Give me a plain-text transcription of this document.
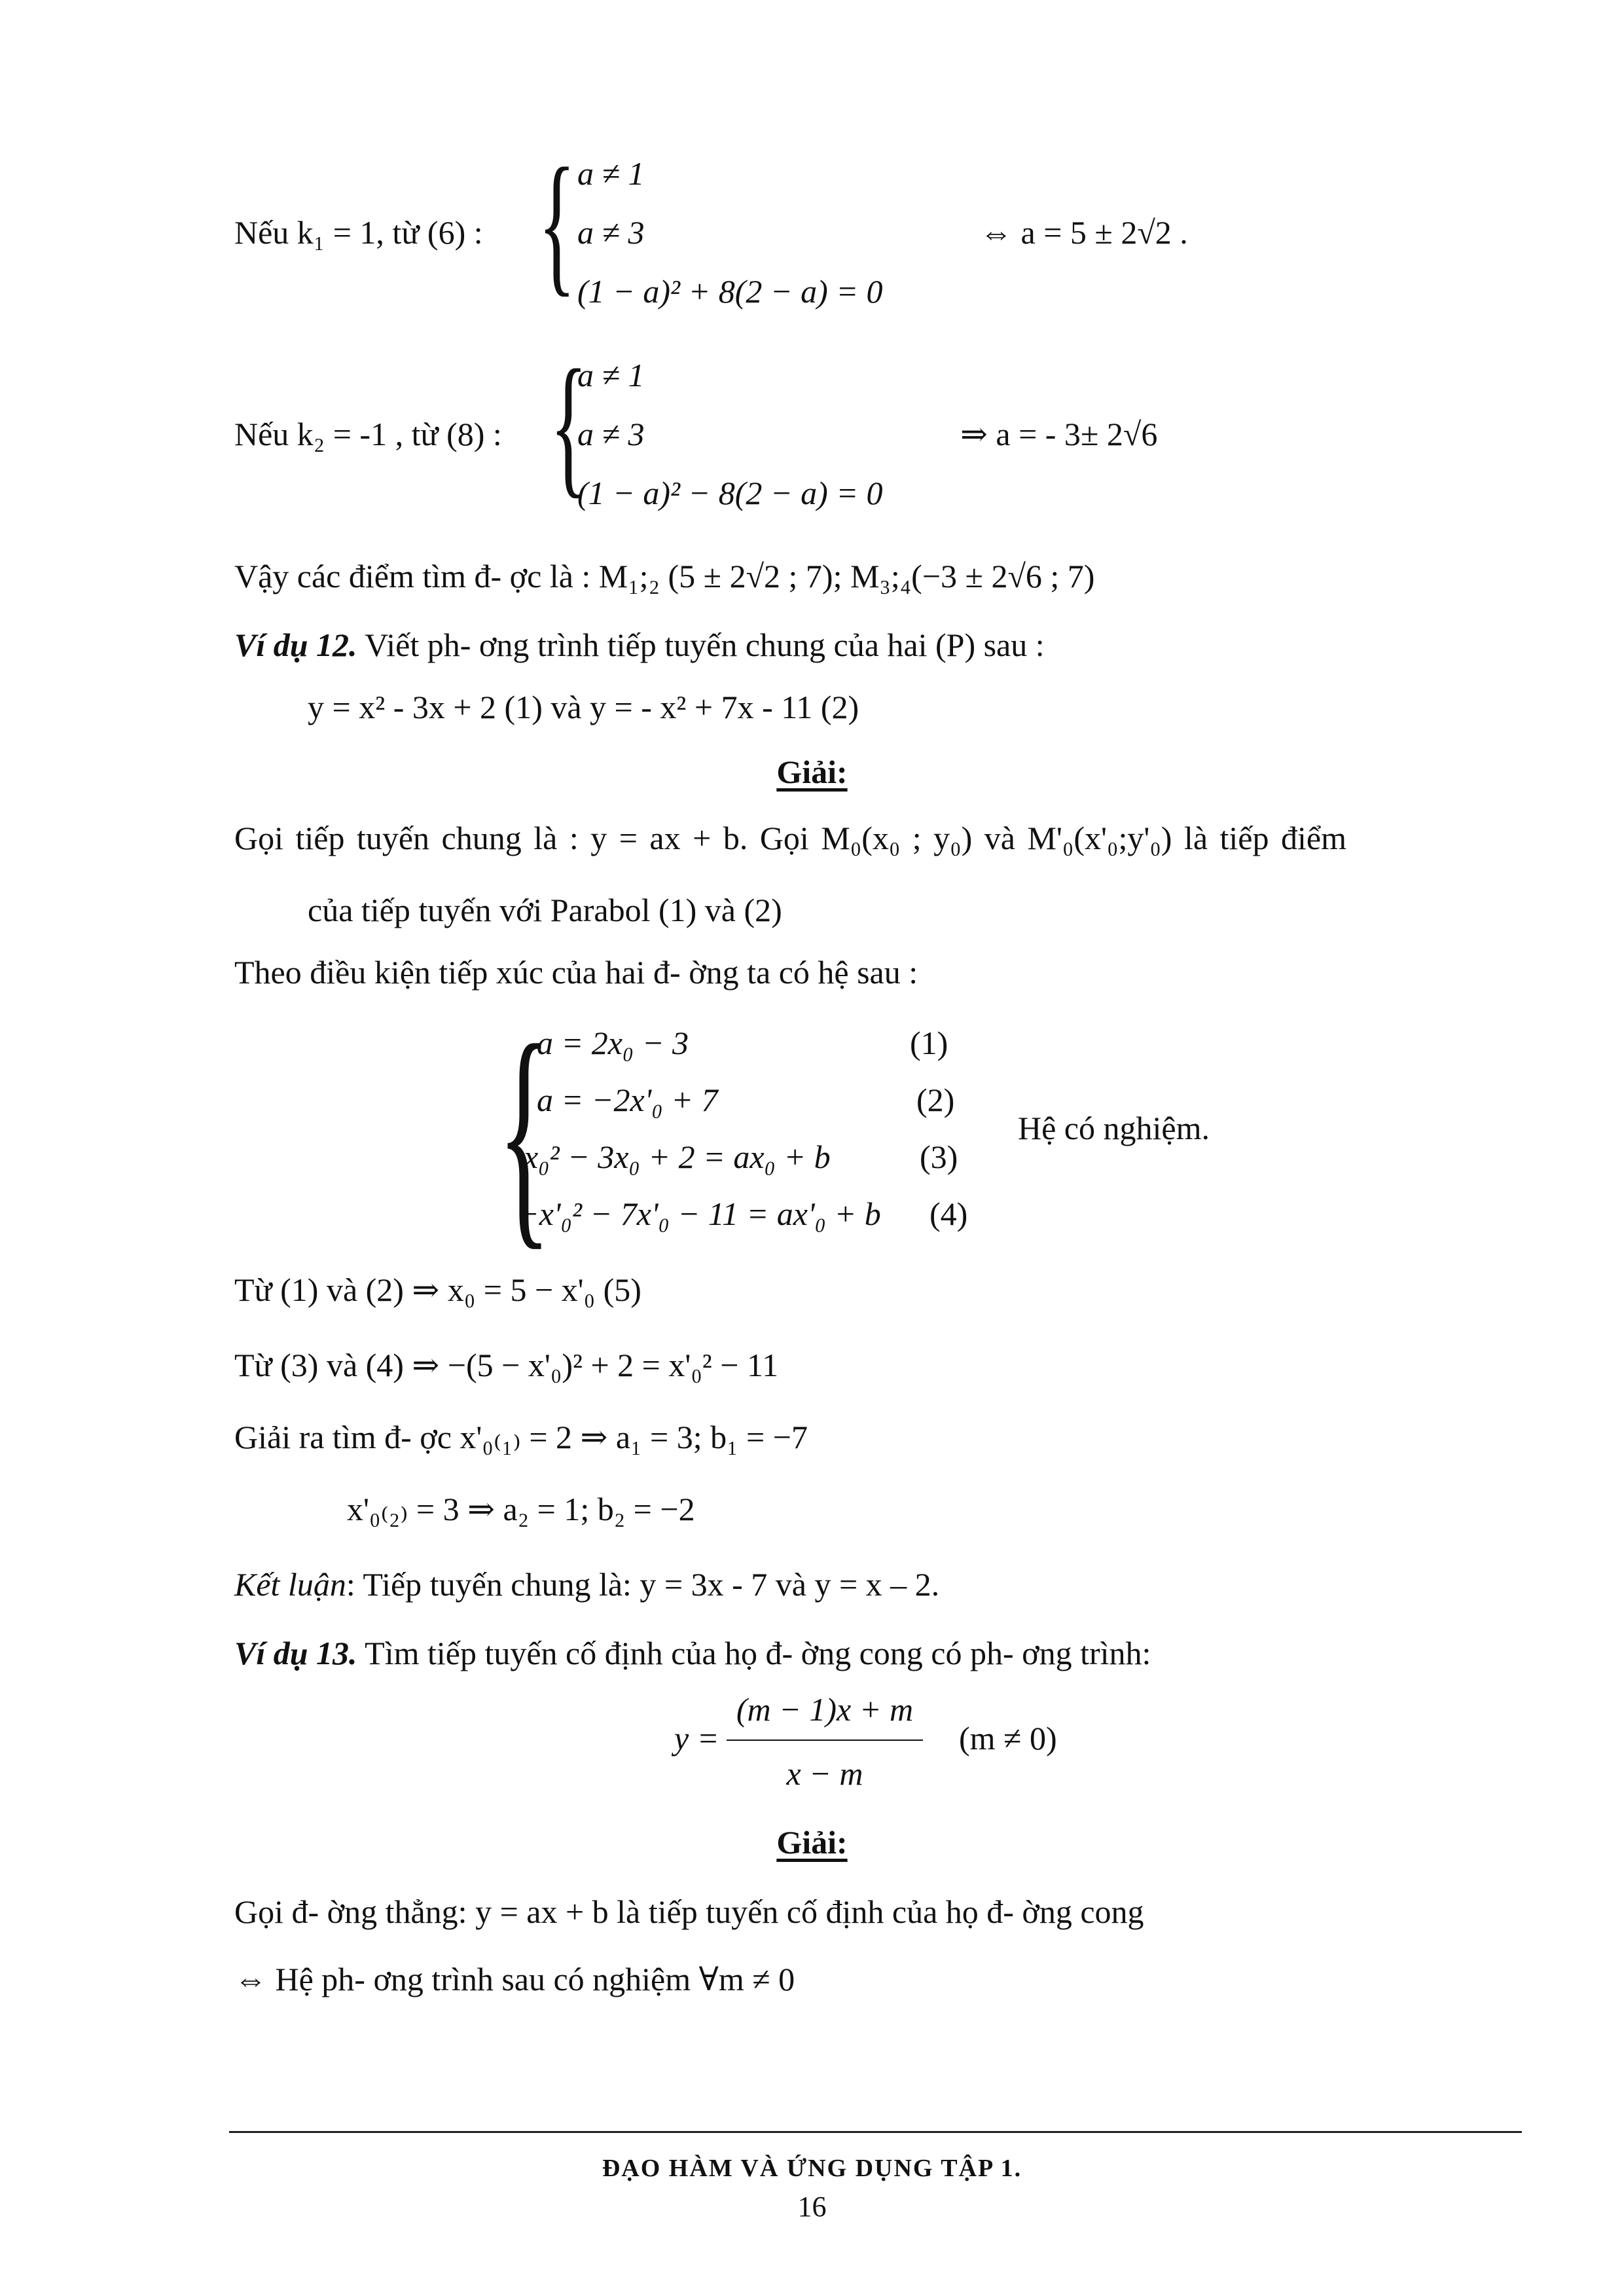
Nếu k₁ = 1, từ (6) : { a ≠ 1
a ≠ 3
(1 − a)² + 8(2 − a) = 0
⇔ a = 5 ± 2√2 .
Nếu k₂ = -1 , từ (8) : {
a ≠ 1
a ≠ 3
(1 − a)² − 8(2 − a) = 0
⇒ a = - 3± 2√6
Vậy các điểm tìm đ- ợc là : M₁;₂ (5 ± 2√2 ; 7); M₃;₄(−3 ± 2√6 ; 7)
Ví dụ 12. Viết ph- ơng trình tiếp tuyến chung của hai (P) sau :
y = x² - 3x + 2 (1) và y = - x² + 7x - 11 (2)
Giải:
Gọi tiếp tuyến chung là : y = ax + b. Gọi M₀(x₀ ; y₀) và M'₀(x'₀;y'₀) là tiếp điểm
của tiếp tuyến với Parabol (1) và (2)
Theo điều kiện tiếp xúc của hai đ- ờng ta có hệ sau :
{
a = 2x₀ − 3	(1)
a = −2x'₀ + 7	(2)
x₀² − 3x₀ + 2 = ax₀ + b	(3)
−x'₀² − 7x'₀ − 11 = ax'₀ + b (4)
Hệ có nghiệm.
Từ (1) và (2) ⇒ x₀ = 5 − x'₀ (5)
Từ (3) và (4) ⇒ −(5 − x'₀)² + 2 = x'₀² − 11
Giải ra tìm đ- ợc x'₀₍₁₎ = 2 ⇒ a₁ = 3; b₁ = −7
x'₀₍₂₎ = 3 ⇒ a₂ = 1; b₂ = −2
Kết luận: Tiếp tuyến chung là: y = 3x - 7 và y = x – 2.
Ví dụ 13. Tìm tiếp tuyến cố định của họ đ- ờng cong có ph- ơng trình:
y =
(m − 1)x + m
x − m
(m ≠ 0)
Giải:
Gọi đ- ờng thẳng: y = ax + b là tiếp tuyến cố định của họ đ- ờng cong
⇔ Hệ ph- ơng trình sau có nghiệm ∀m ≠ 0
ĐẠO HÀM VÀ ỨNG DỤNG TẬP 1.
16
